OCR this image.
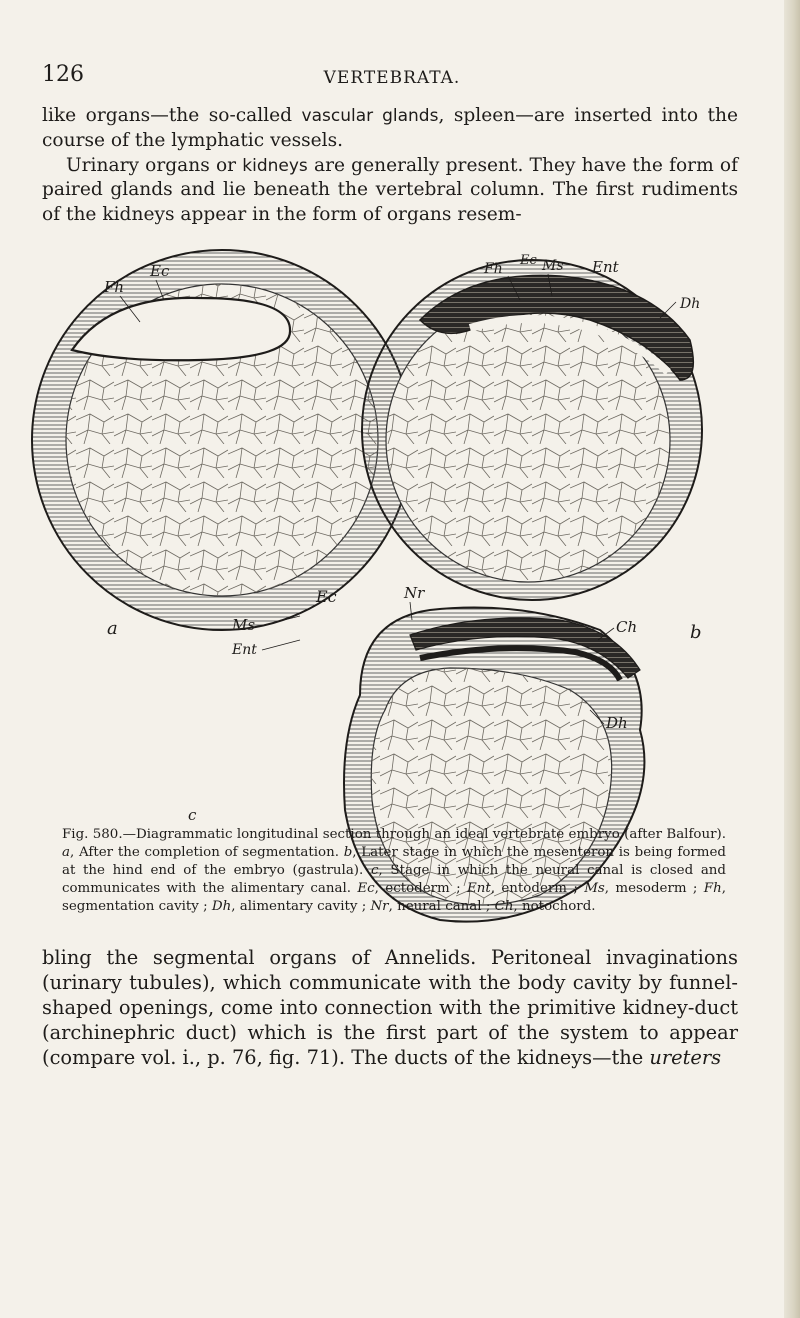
126	VERTEBRATA.

like organs—the so-called vascular glands, spleen—are inserted into the course of the lymphatic vessels.
Urinary organs or kidneys are generally present. They have the form of paired glands and lie beneath the vertebral column. The first rudiments of the kidneys appear in the form of organs resem-

a	b
c
Ec
Fh
Fh
Ec Ms Ent
Dh
Ec	Nr
Ms
Ent
Ch
Dh

Fig. 580.—Diagrammatic longitudinal section through an ideal vertebrate embryo (after Balfour). a, After the completion of segmentation. b, Later stage in which the mesenteron is being formed at the hind end of the embryo (gastrula). c, Stage in which the neural canal is closed and communicates with the alimentary canal. Ec, ectoderm ; Ent, entoderm ; Ms, mesoderm ; Fh, segmentation cavity ; Dh, alimentary cavity ; Nr, neural canal ; Ch, notochord.

bling the segmental organs of Annelids. Peritoneal invaginations (urinary tubules), which communicate with the body cavity by funnel-shaped openings, come into connection with the primitive kidney-duct (archinephric duct) which is the first part of the system to appear (compare vol. i., p. 76, fig. 71). The ducts of the kidneys—the ureters
